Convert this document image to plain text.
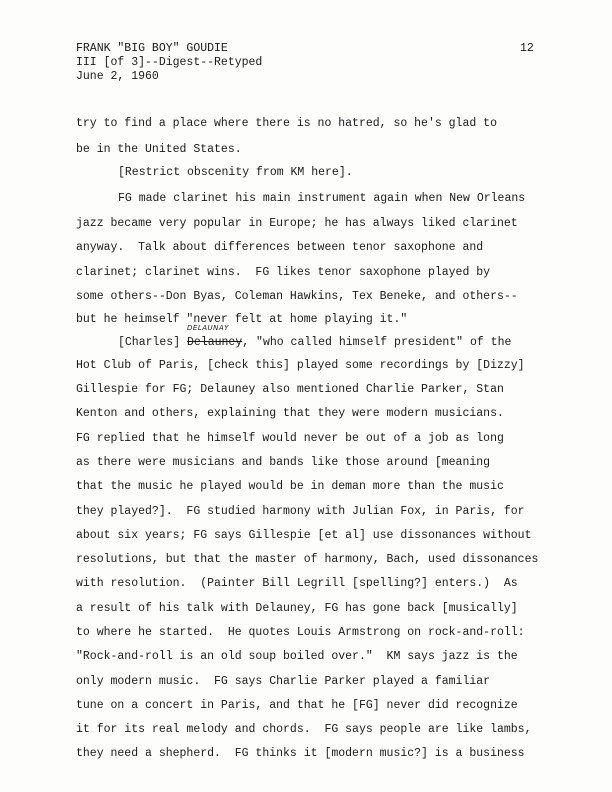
FRANK "BIG BOY" GOUDIE
III [of 3]--Digest--Retyped
June 2, 1960
12
try to find a place where there is no hatred, so he's glad to
be in the United States.
[Restrict obscenity from KM here].
FG made clarinet his main instrument again when New Orleans
jazz became very popular in Europe; he has always liked clarinet
anyway.  Talk about differences between tenor saxophone and
clarinet; clarinet wins.  FG likes tenor saxophone played by
some others--Don Byas, Coleman Hawkins, Tex Beneke, and others--
but he heimself "never felt at home playing it."
DELAUNAY
[Charles] Delauney, "who called himself president" of the
Hot Club of Paris, [check this] played some recordings by [Dizzy]
Gillespie for FG; Delauney also mentioned Charlie Parker, Stan
Kenton and others, explaining that they were modern musicians.
FG replied that he himself would never be out of a job as long
as there were musicians and bands like those around [meaning
that the music he played would be in deman more than the music
they played?].  FG studied harmony with Julian Fox, in Paris, for
about six years; FG says Gillespie [et al] use dissonances without
resolutions, but that the master of harmony, Bach, used dissonances
with resolution.  (Painter Bill Legrill [spelling?] enters.)  As
a result of his talk with Delauney, FG has gone back [musically]
to where he started.  He quotes Louis Armstrong on rock-and-roll:
"Rock-and-roll is an old soup boiled over."  KM says jazz is the
only modern music.  FG says Charlie Parker played a familiar
tune on a concert in Paris, and that he [FG] never did recognize
it for its real melody and chords.  FG says people are like lambs,
they need a shepherd.  FG thinks it [modern music?] is a business
